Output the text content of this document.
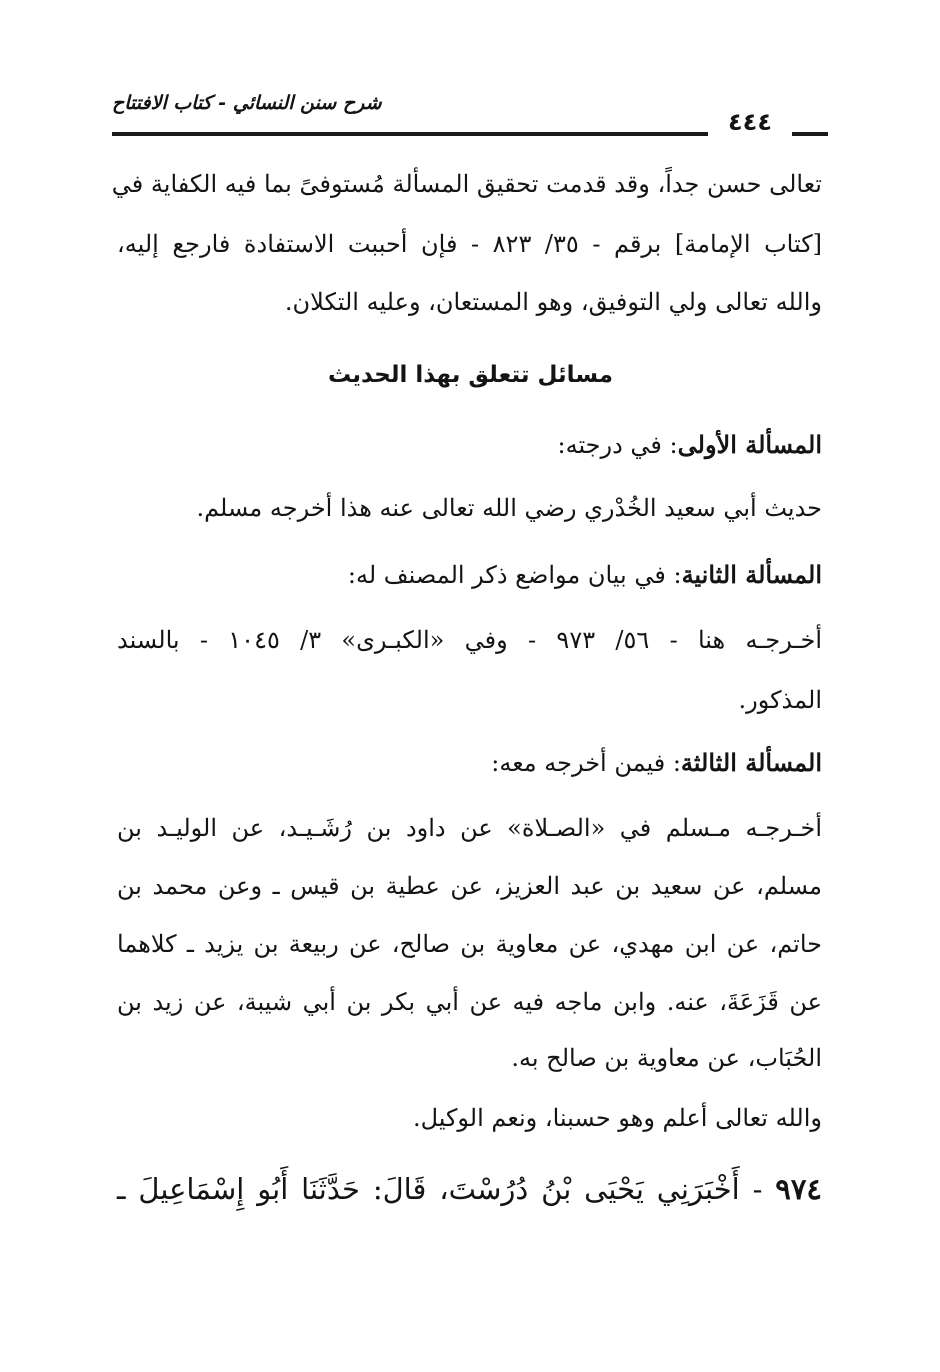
شرح سنن النسائي - كتاب الافتتاح
٤٤٤
تعالى حسن جداً، وقد قدمت تحقيق المسألة مُستوفىً بما فيه الكفاية في
[كتاب الإمامة] برقم - ٣٥/ ٨٢٣ - فإن أحببت الاستفادة فارجع إليه،
والله تعالى ولي التوفيق، وهو المستعان، وعليه التكلان.
مسائل تتعلق بهذا الحديث
المسألة الأولى: في درجته:
حديث أبي سعيد الخُدْري رضي الله تعالى عنه هذا أخرجه مسلم.
المسألة الثانية: في بيان مواضع ذكر المصنف له:
أخـرجـه هنا - ٥٦/ ٩٧٣ - وفي «الكبـرى» ٣/ ١٠٤٥ - بالسند
المذكور.
المسألة الثالثة: فيمن أخرجه معه:
أخـرجـه مـسلم في «الصـلاة» عن داود بن رُشَـيـد، عن الوليـد بن
مسلم، عن سعيد بن عبد العزيز، عن عطية بن قيس ـ وعن محمد بن
حاتم، عن ابن مهدي، عن معاوية بن صالح، عن ربيعة بن يزيد ـ كلاهما
عن قَزَعَةَ، عنه. وابن ماجه فيه عن أبي بكر بن أبي شيبة، عن زيد بن
الحُبَاب، عن معاوية بن صالح به.
والله تعالى أعلم وهو حسبنا، ونعم الوكيل.
٩٧٤ - أَخْبَرَنِي يَحْيَى بْنُ دُرُسْتَ، قَالَ: حَدَّثَنَا أَبُو إِسْمَاعِيلَ ـ
